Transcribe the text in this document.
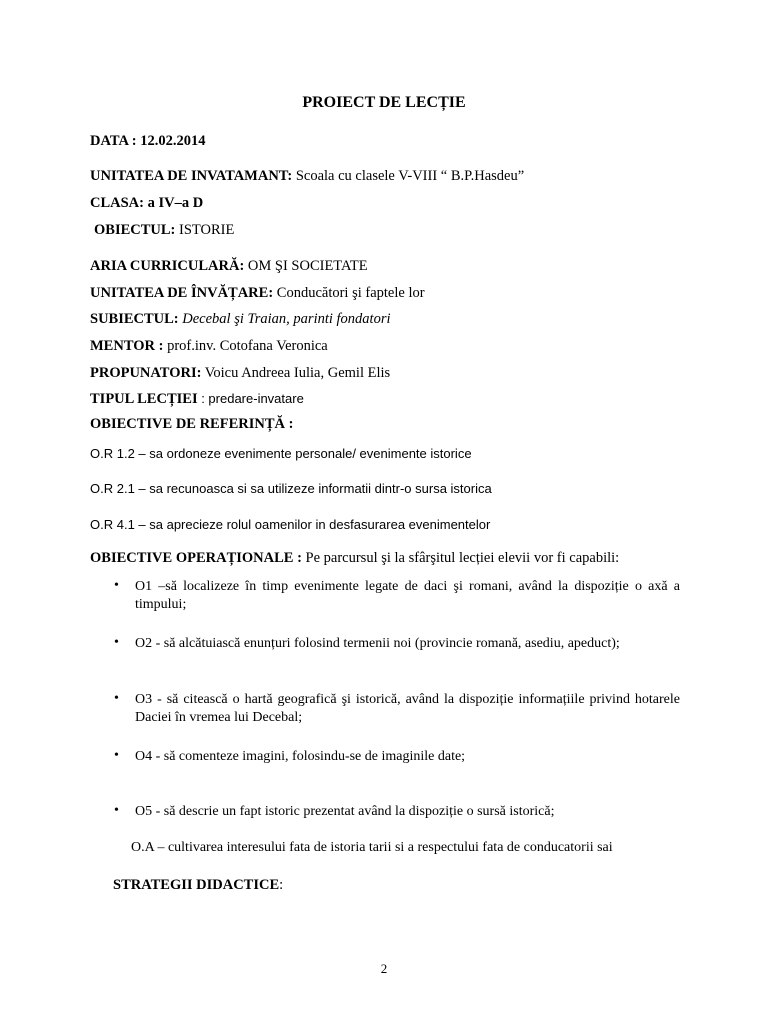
PROIECT DE LECȚIE
DATA : 12.02.2014
UNITATEA DE INVATAMANT: Scoala cu clasele V-VIII “ B.P.Hasdeu”
CLASA: a IV–a D
OBIECTUL: ISTORIE
ARIA CURRICULARĂ: OM ŞI SOCIETATE
UNITATEA DE ÎNVĂȚARE: Conducători şi faptele lor
SUBIECTUL: Decebal şi Traian, parinti fondatori
MENTOR : prof.inv. Cotofana Veronica
PROPUNATORI: Voicu Andreea Iulia, Gemil Elis
TIPUL LECȚIEI : predare-invatare
OBIECTIVE DE REFERINȚĂ :
O.R 1.2 – sa ordoneze evenimente personale/ evenimente istorice
O.R 2.1 – sa recunoasca si sa utilizeze informatii dintr-o sursa istorica
O.R 4.1 – sa aprecieze rolul oamenilor in desfasurarea evenimentelor
OBIECTIVE OPERAȚIONALE : Pe parcursul şi la sfârşitul lecției elevii vor fi capabili:
• O1 –să localizeze în timp evenimente legate de daci şi romani, având la dispoziție o axă a timpului;
• O2 - să alcătuiască enunțuri folosind termenii noi (provincie romană, asediu, apeduct);
• O3 - să citească o hartă geografică şi istorică, având la dispoziție informațiile privind hotarele Daciei în vremea lui Decebal;
• O4 - să comenteze imagini, folosindu-se de imaginile date;
• O5 - să descrie un fapt istoric prezentat având la dispoziție o sursă istorică;
O.A – cultivarea interesului fata de istoria tarii si a respectului fata de conducatorii sai
STRATEGII DIDACTICE:
2
